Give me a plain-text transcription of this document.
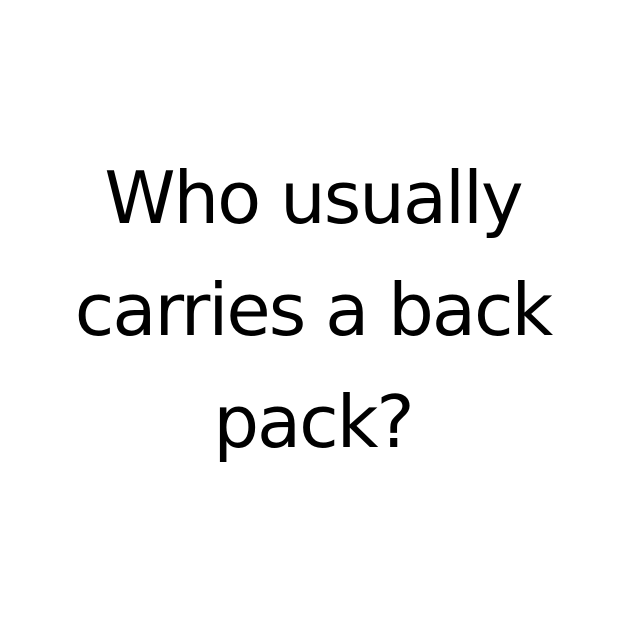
Who usually
carries a back
pack?
